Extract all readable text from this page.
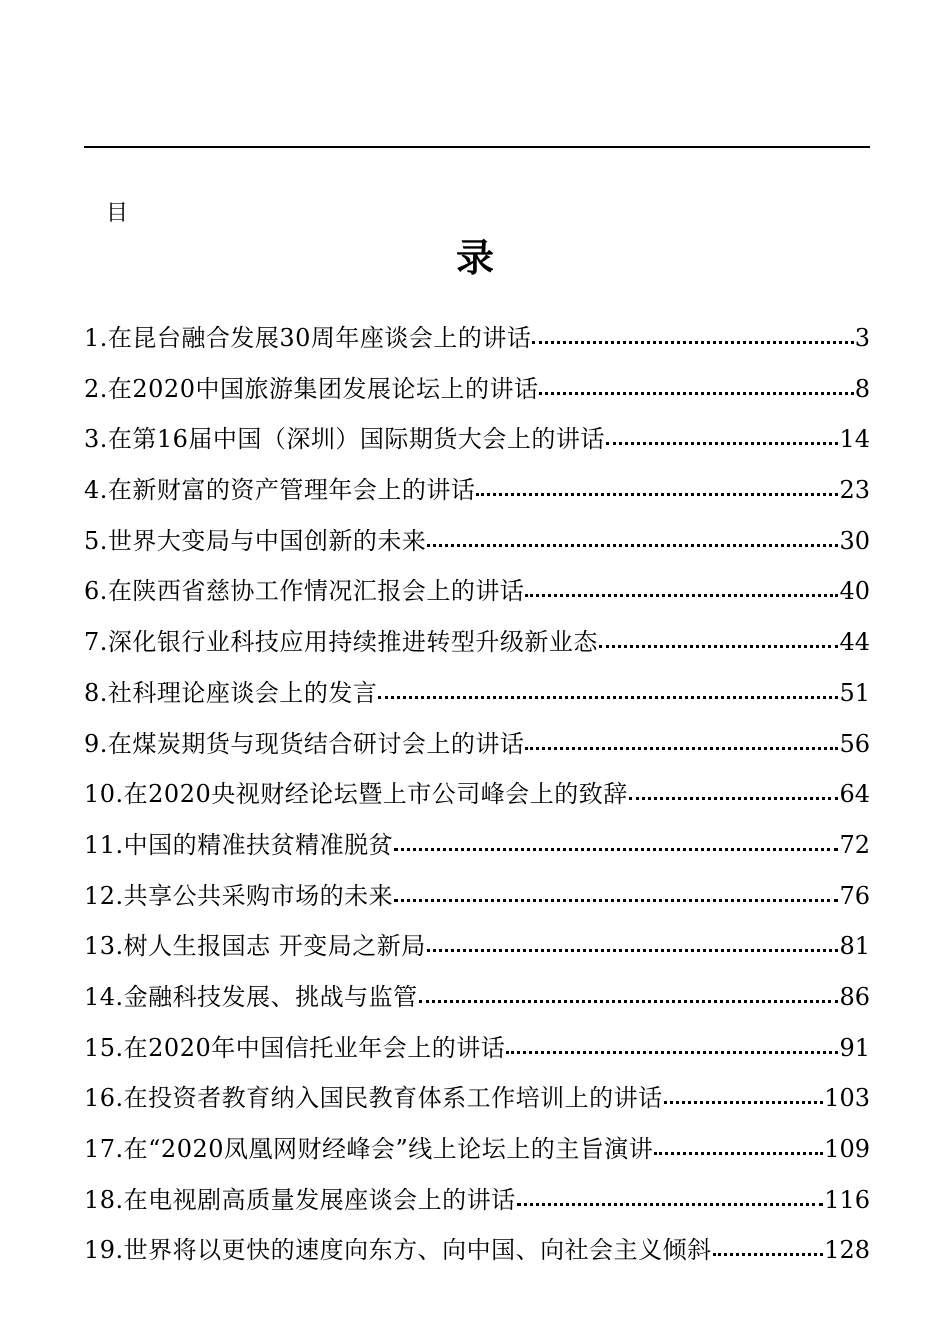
目
录
1.在昆台融合发展30周年座谈会上的讲话	3
2.在2020中国旅游集团发展论坛上的讲话	8
3.在第16届中国（深圳）国际期货大会上的讲话	14
4.在新财富的资产管理年会上的讲话	23
5.世界大变局与中国创新的未来	30
6.在陕西省慈协工作情况汇报会上的讲话	40
7.深化银行业科技应用持续推进转型升级新业态	44
8.社科理论座谈会上的发言	51
9.在煤炭期货与现货结合研讨会上的讲话	56
10.在2020央视财经论坛暨上市公司峰会上的致辞	64
11.中国的精准扶贫精准脱贫	72
12.共享公共采购市场的未来	76
13.树人生报国志 开变局之新局	81
14.金融科技发展、挑战与监管	86
15.在2020年中国信托业年会上的讲话	91
16.在投资者教育纳入国民教育体系工作培训上的讲话	103
17.在“2020凤凰网财经峰会”线上论坛上的主旨演讲	109
18.在电视剧高质量发展座谈会上的讲话	116
19.世界将以更快的速度向东方、向中国、向社会主义倾斜	128
